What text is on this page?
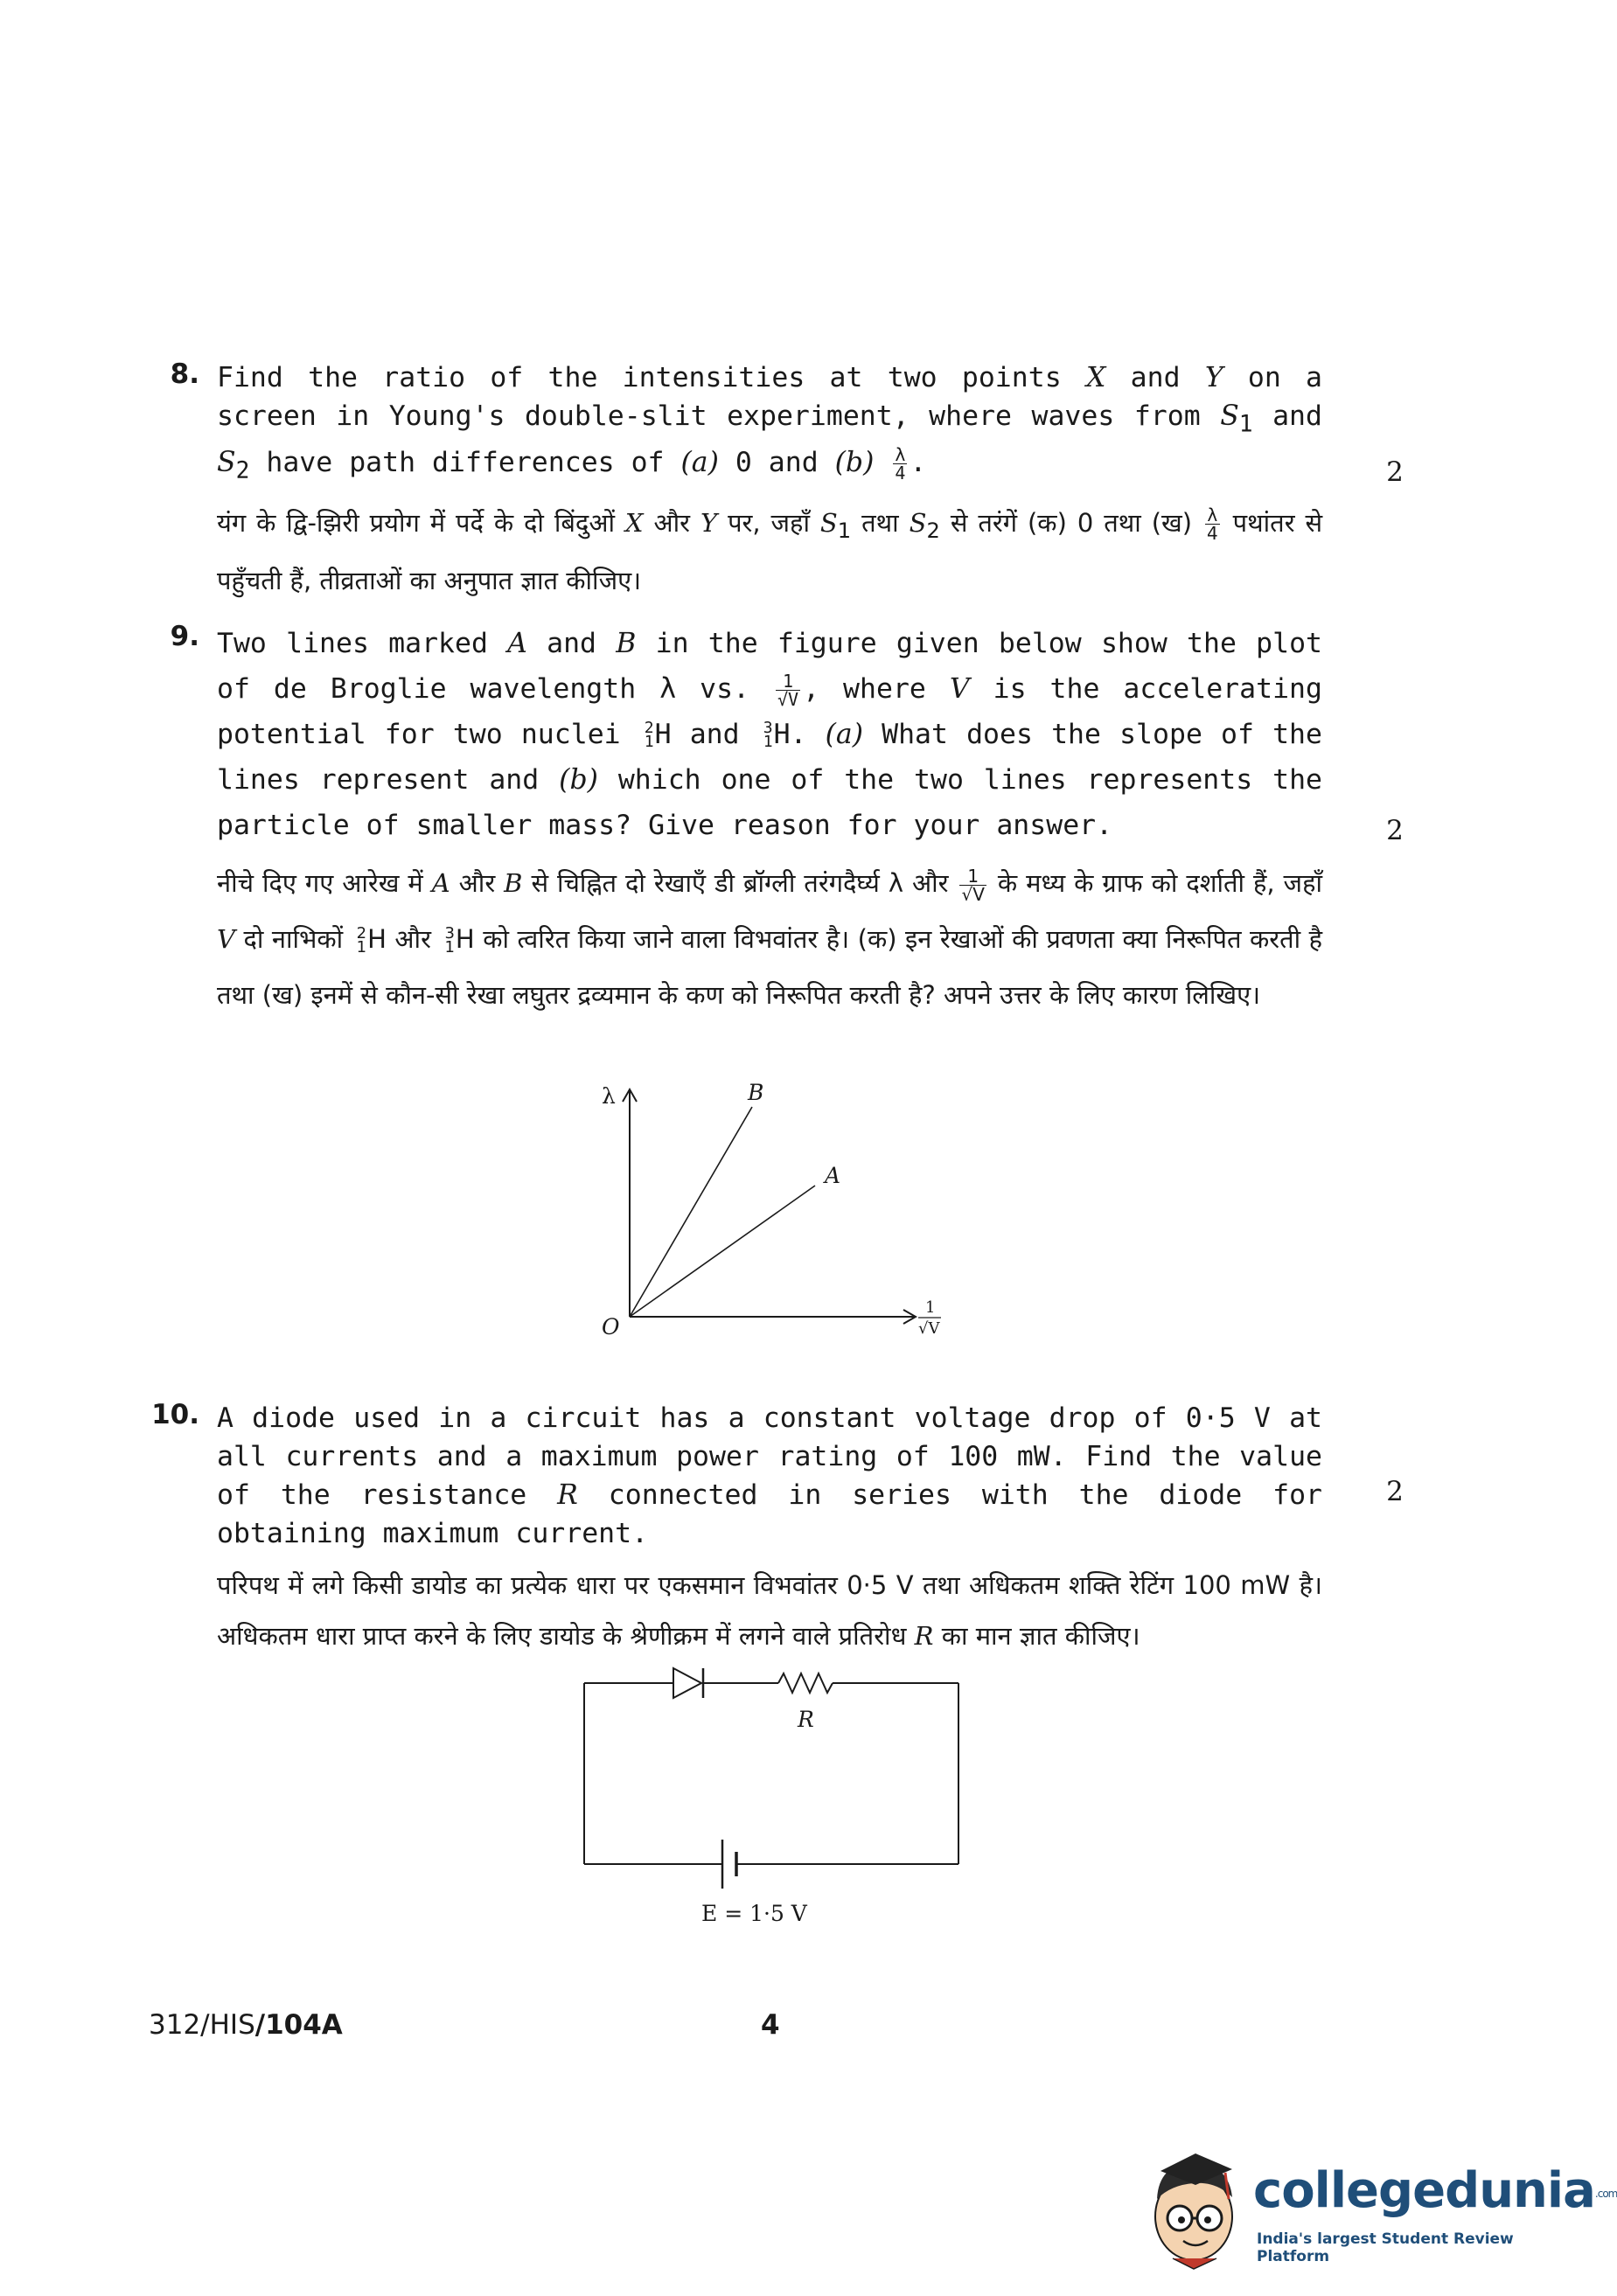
8. Find the ratio of the intensities at two points X and Y on a screen in Young's double-slit experiment, where waves from $S_1$ and $S_2$ have path differences of (a) 0 and $(b) \frac{\lambda}{4}$ .

यंग के द्वि-झिरी प्रयोग में पर्दे के दो बिंदुओं X और Y पर, जहाँ $S_1$ तथा $S_2$ से तरंगें (क) 0 तथा (ख) $\frac{\lambda}{4}$ पथांतर से पहुँचती हैं, तीव्रताओं का अनुपात ज्ञात कीजिए।

2
9. Two lines marked A and B in the figure given below show the plot of de Broglie wavelength λ vs. $\frac{1}{√V}$ , where V is the accelerating potential for two nuclei 2
1 H and 3
1 H. (a) What does the slope of the lines represent and (b) which one of the two lines represents the particle of smaller mass? Give reason for your answer.

नीचे दिए गए आरेख में A और B से चिह्नित दो रेखाएँ डी ब्रॉग्ली तरंगदैर्घ्य λ और $\frac{1}{√V}$ के मध्य के ग्राफ को दर्शाती हैं, जहाँ V दो नाभिकों 2
1 H और 3
1 H को त्वरित किया जाने वाला विभवांतर है। (क) इन रेखाओं की प्रवणता क्या निरूपित करती है तथा (ख) इनमें से कौन-सी रेखा लघुतर द्रव्यमान के कण को निरूपित करती है? अपने उत्तर के लिए कारण लिखिए।

2
λ
O
B
A
1
√V
10. A diode used in a circuit has a constant voltage drop of 0·5 V at all currents and a maximum power rating of 100 mW. Find the value of the resistance R connected in series with the diode for obtaining maximum current.

परिपथ में लगे किसी डायोड का प्रत्येक धारा पर एकसमान विभवांतर 0·5 V तथा अधिकतम शक्ति रेटिंग 100 mW है। अधिकतम धारा प्राप्त करने के लिए डायोड के श्रेणीक्रम में लगने वाले प्रतिरोध R का मान ज्ञात कीजिए।

2
R
E = 1·5 V
312/HIS/104A	4
collegedunia.com
India's largest Student Review Platform
